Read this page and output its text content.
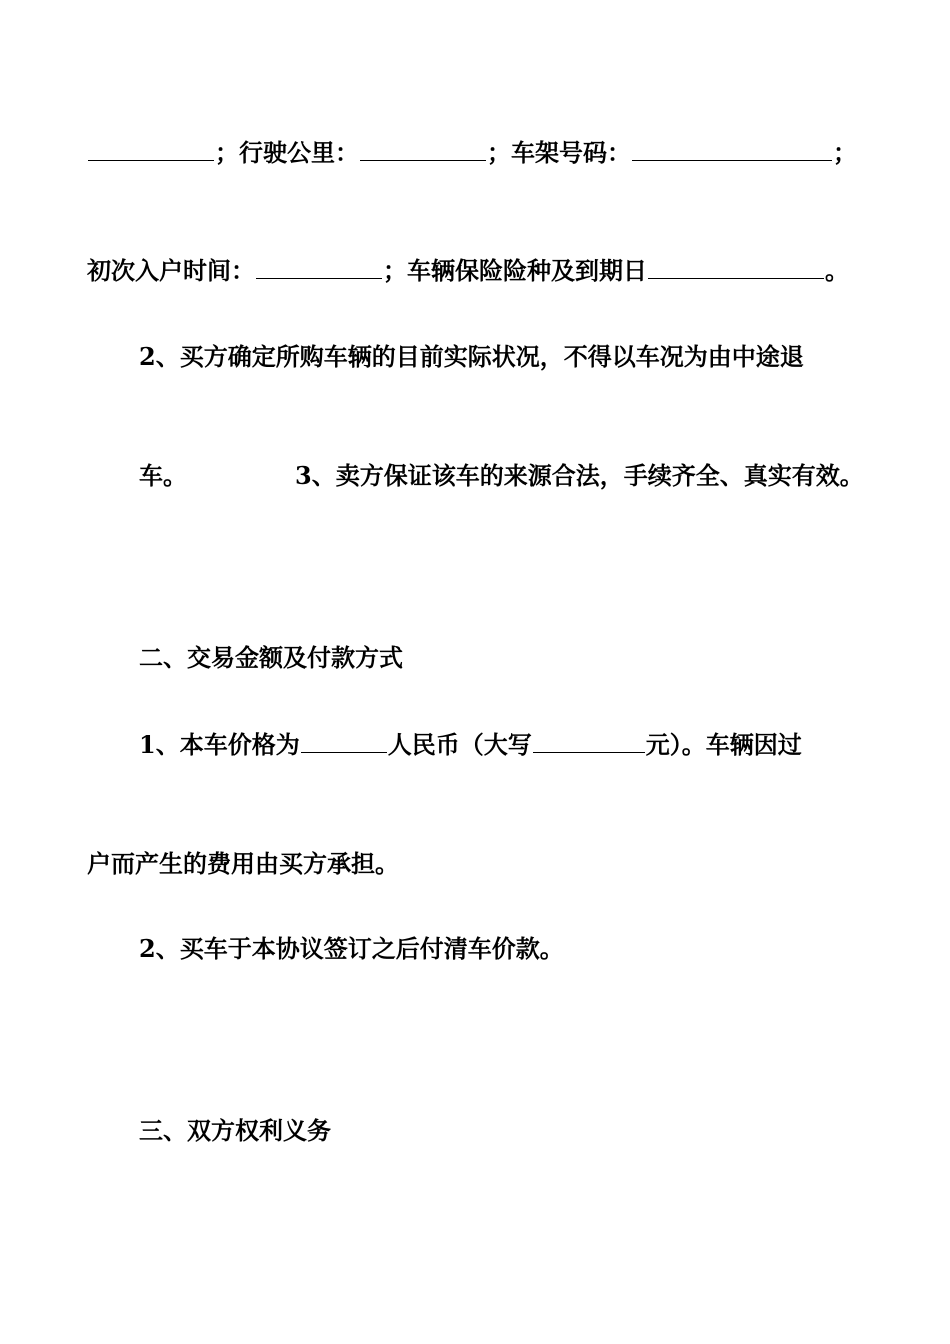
；行驶公里：	；车架号码：	；
初次入户时间：	；车辆保险险种及到期日	。
2、买方确定所购车辆的目前实际状况，不得以车况为由中途退
车。	3、卖方保证该车的来源合法，手续齐全、真实有效。
二、交易金额及付款方式
1、本车价格为	人民币（大写	元）。车辆因过
户而产生的费用由买方承担。
2、买车于本协议签订之后付清车价款。
三、双方权利义务
